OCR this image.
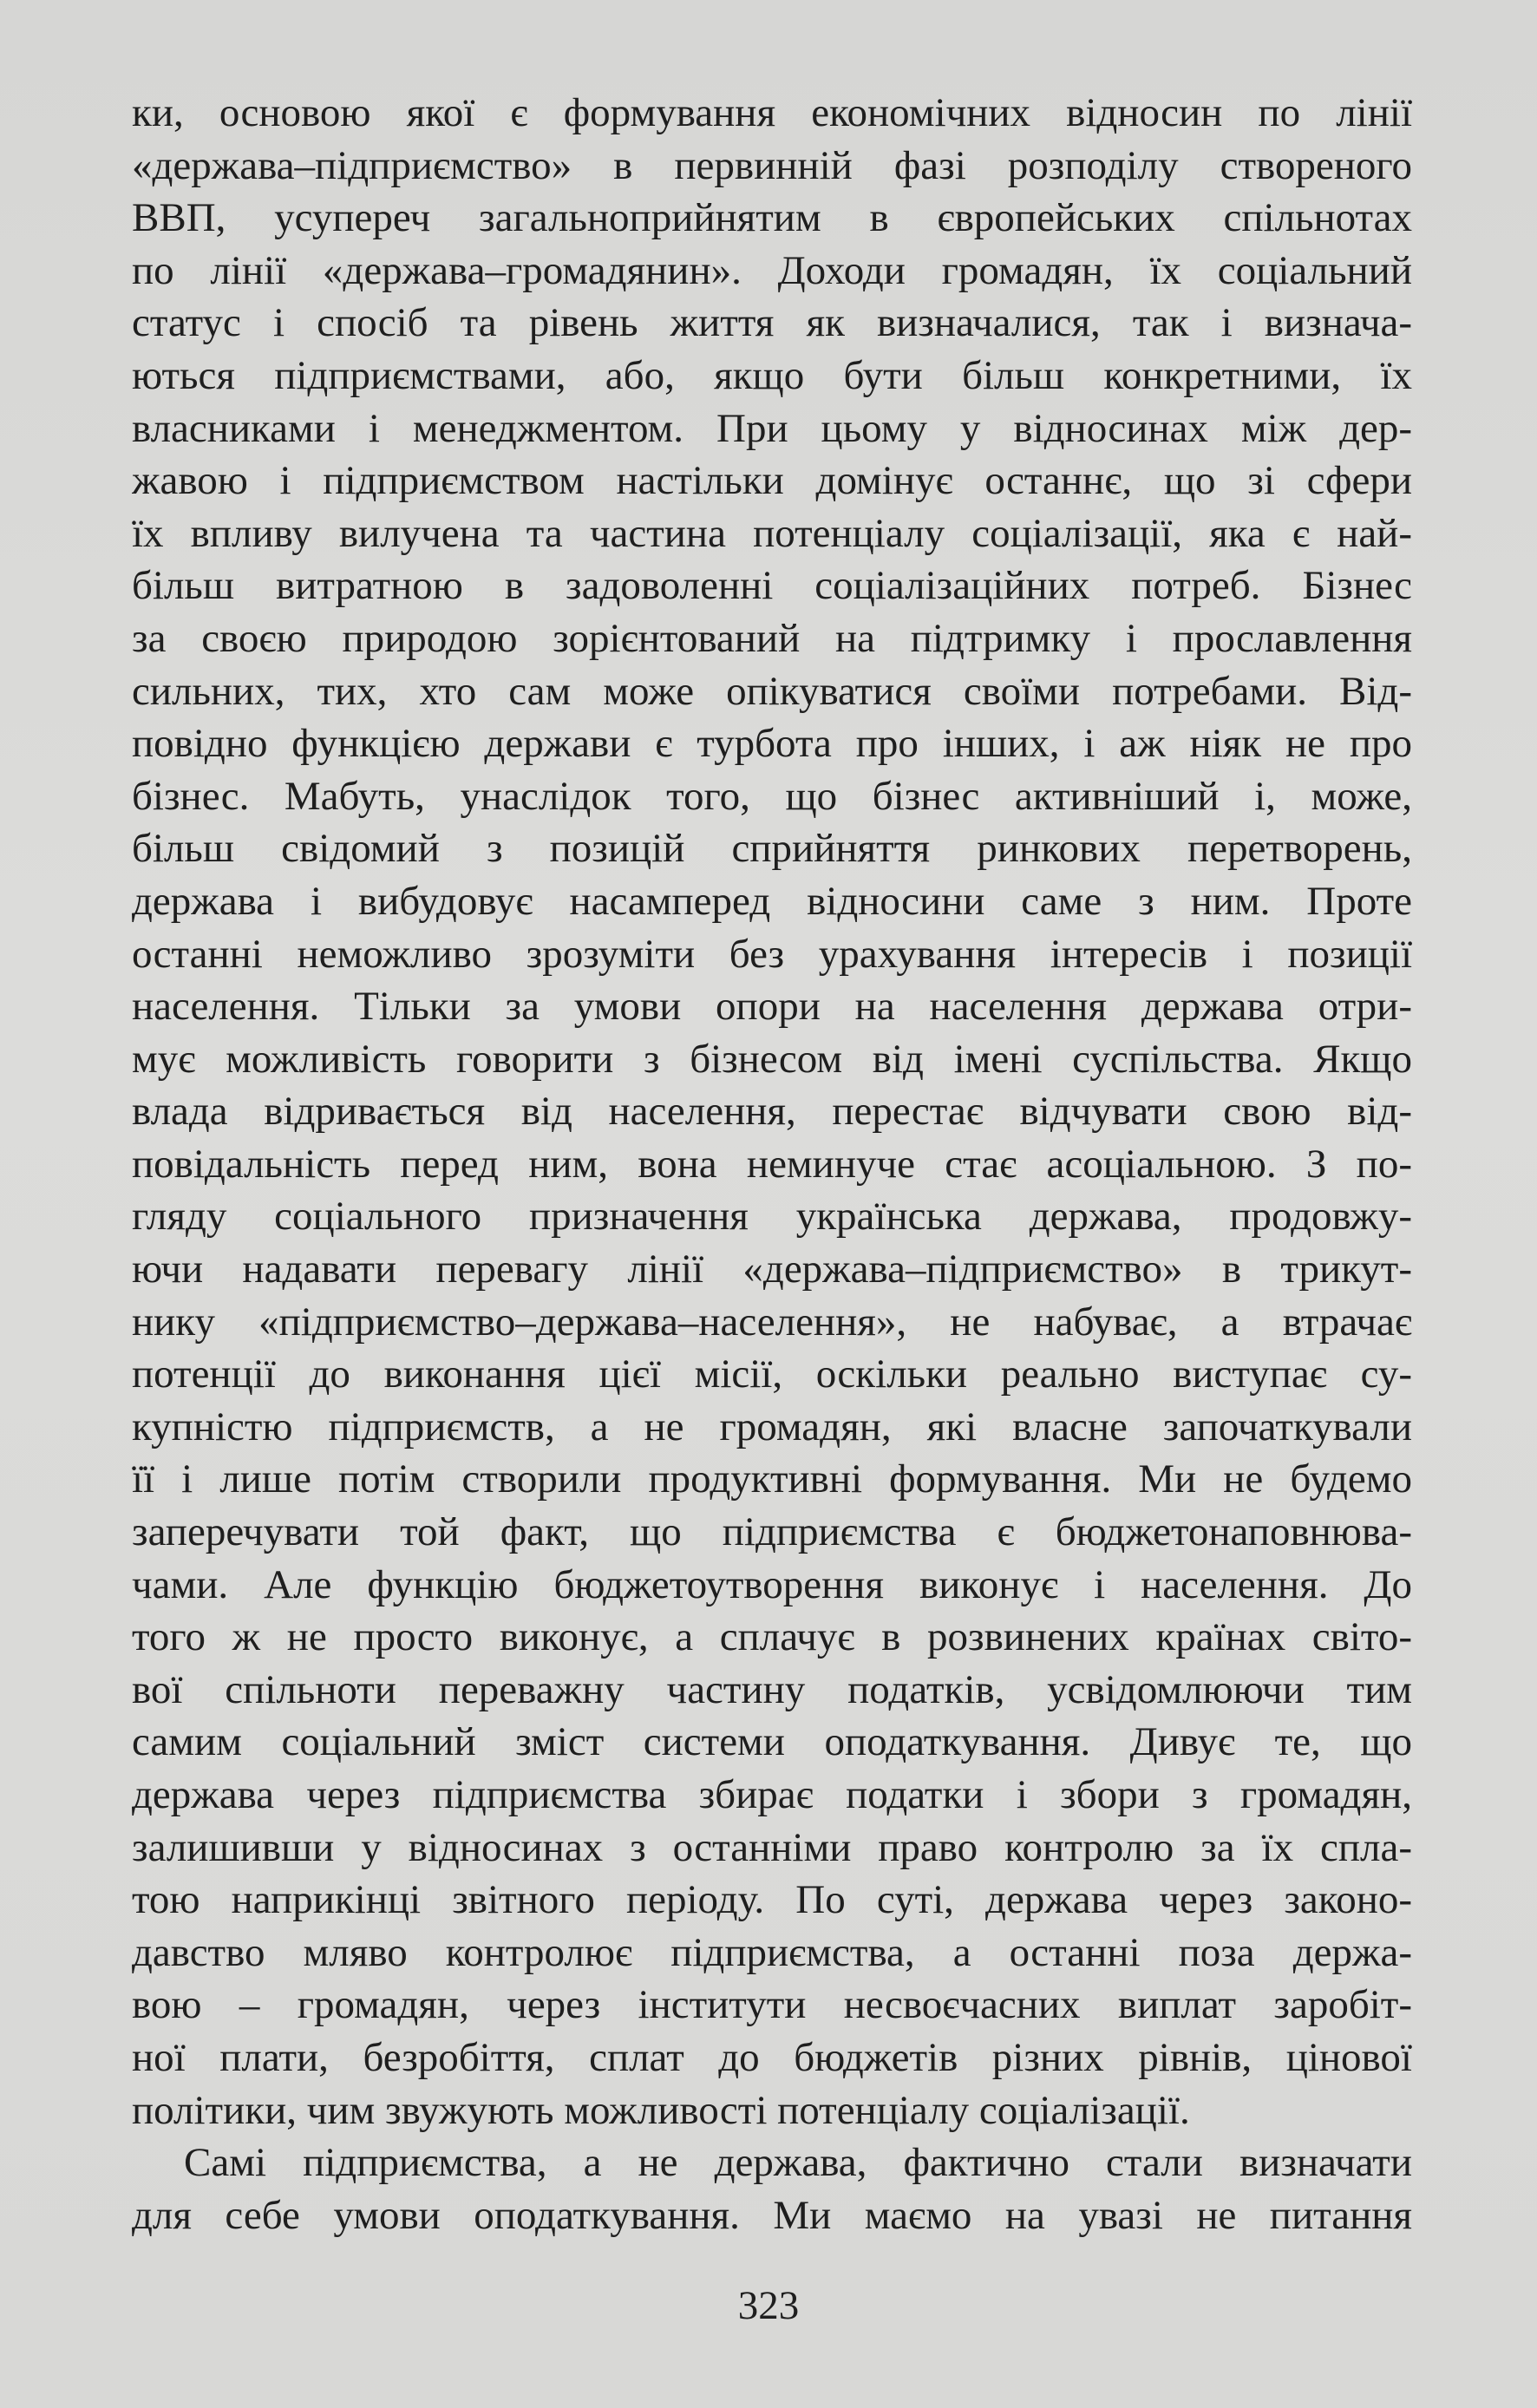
ки, основою якої є формування економічних відносин по лінії
«держава–підприємство» в первинній фазі розподілу створеного
ВВП, усупереч загальноприйнятим в європейських спільнотах
по лінії «держава–громадянин». Доходи громадян, їх соціальний
статус і спосіб та рівень життя як визначалися, так і визнача-
ються підприємствами, або, якщо бути більш конкретними, їх
власниками і менеджментом. При цьому у відносинах між дер-
жавою і підприємством настільки домінує останнє, що зі сфери
їх впливу вилучена та частина потенціалу соціалізації, яка є най-
більш витратною в задоволенні соціалізаційних потреб. Бізнес
за своєю природою зорієнтований на підтримку і прославлення
сильних, тих, хто сам може опікуватися своїми потребами. Від-
повідно функцією держави є турбота про інших, і аж ніяк не про
бізнес. Мабуть, унаслідок того, що бізнес активніший і, може,
більш свідомий з позицій сприйняття ринкових перетворень,
держава і вибудовує насамперед відносини саме з ним. Проте
останні неможливо зрозуміти без урахування інтересів і позиції
населення. Тільки за умови опори на населення держава отри-
мує можливість говорити з бізнесом від імені суспільства. Якщо
влада відривається від населення, перестає відчувати свою від-
повідальність перед ним, вона неминуче стає асоціальною. З по-
гляду соціального призначення українська держава, продовжу-
ючи надавати перевагу лінії «держава–підприємство» в трикут-
нику «підприємство–держава–населення», не набуває, а втрачає
потенції до виконання цієї місії, оскільки реально виступає су-
купністю підприємств, а не громадян, які власне започаткували
її і лише потім створили продуктивні формування. Ми не будемо
заперечувати той факт, що підприємства є бюджетонаповнюва-
чами. Але функцію бюджетоутворення виконує і населення. До
того ж не просто виконує, а сплачує в розвинених країнах світо-
вої спільноти переважну частину податків, усвідомлюючи тим
самим соціальний зміст системи оподаткування. Дивує те, що
держава через підприємства збирає податки і збори з громадян,
залишивши у відносинах з останніми право контролю за їх спла-
тою наприкінці звітного періоду. По суті, держава через законо-
давство мляво контролює підприємства, а останні поза держа-
вою – громадян, через інститути несвоєчасних виплат заробіт-
ної плати, безробіття, сплат до бюджетів різних рівнів, цінової
політики, чим звужують можливості потенціалу соціалізації.
Самі підприємства, а не держава, фактично стали визначати
для себе умови оподаткування. Ми маємо на увазі не питання
323
